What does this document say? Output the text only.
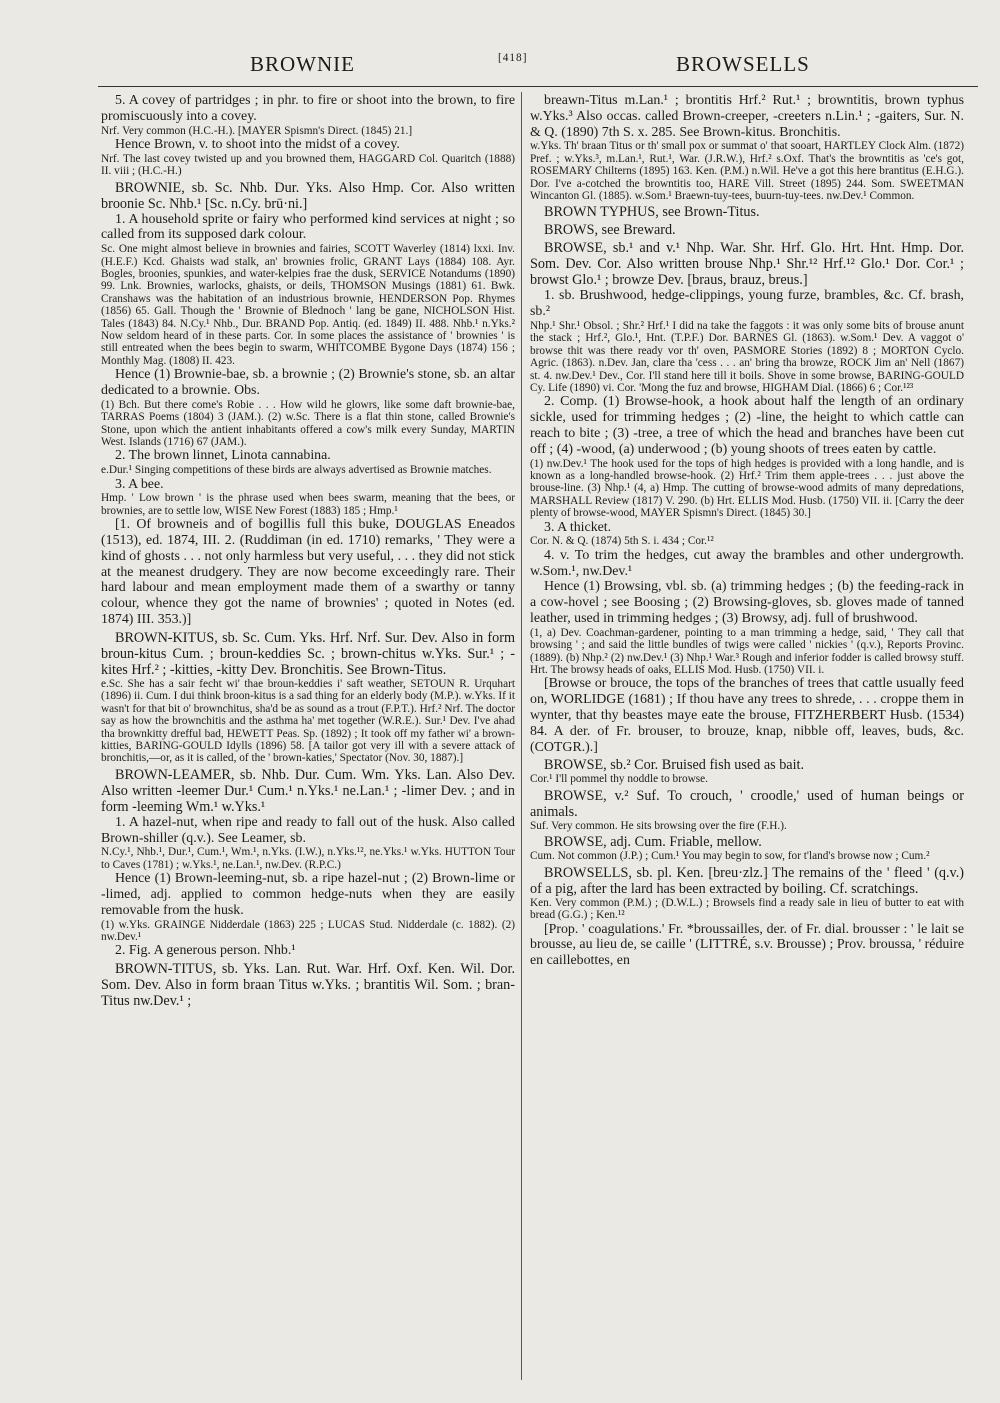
BROWNIE	[418]	BROWSELLS

5. A covey of partridges ; in phr. to fire or shoot into the brown, to fire promiscuously into a covey.

Nrf. Very common (H.C.-H.). [MAYER Spismn's Direct. (1845) 21.]

Hence Brown, v. to shoot into the midst of a covey.

Nrf. The last covey twisted up and you browned them, HAGGARD Col. Quaritch (1888) II. viii ; (H.C.-H.)

BROWNIE, sb. Sc. Nhb. Dur. Yks. Also Hmp. Cor. Also written broonie Sc. Nhb.¹ [Sc. n.Cy. brū·ni.]

1. A household sprite or fairy who performed kind services at night ; so called from its supposed dark colour.

Sc. One might almost believe in brownies and fairies, SCOTT Waverley (1814) lxxi. Inv. (H.E.F.) Kcd. Ghaists wad stalk, an' brownies frolic, GRANT Lays (1884) 108. Ayr. Bogles, broonies, spunkies, and water-kelpies frae the dusk, SERVICE Notandums (1890) 99. Lnk. Brownies, warlocks, ghaists, or deils, THOMSON Musings (1881) 61. Bwk. Cranshaws was the habitation of an industrious brownie, HENDERSON Pop. Rhymes (1856) 65. Gall. Though the ' Brownie of Blednoch ' lang be gane, NICHOLSON Hist. Tales (1843) 84. N.Cy.¹ Nhb., Dur. BRAND Pop. Antiq. (ed. 1849) II. 488. Nhb.¹ n.Yks.² Now seldom heard of in these parts. Cor. In some places the assistance of ' brownies ' is still entreated when the bees begin to swarm, WHITCOMBE Bygone Days (1874) 156 ; Monthly Mag. (1808) II. 423.

Hence (1) Brownie-bae, sb. a brownie ; (2) Brownie's stone, sb. an altar dedicated to a brownie. Obs.

(1) Bch. But there come's Robie . . . How wild he glowrs, like some daft brownie-bae, TARRAS Poems (1804) 3 (JAM.). (2) w.Sc. There is a flat thin stone, called Brownie's Stone, upon which the antient inhabitants offered a cow's milk every Sunday, MARTIN West. Islands (1716) 67 (JAM.).

2. The brown linnet, Linota cannabina.

e.Dur.¹ Singing competitions of these birds are always advertised as Brownie matches.

3. A bee.

Hmp. ' Low brown ' is the phrase used when bees swarm, meaning that the bees, or brownies, are to settle low, WISE New Forest (1883) 185 ; Hmp.¹

[1. Of browneis and of bogillis full this buke, DOUGLAS Eneados (1513), ed. 1874, III. 2. (Ruddiman (in ed. 1710) remarks, ' They were a kind of ghosts . . . not only harmless but very useful, . . . they did not stick at the meanest drudgery. They are now become exceedingly rare. Their hard labour and mean employment made them of a swarthy or tanny colour, whence they got the name of brownies' ; quoted in Notes (ed. 1874) III. 353.)]

BROWN-KITUS, sb. Sc. Cum. Yks. Hrf. Nrf. Sur. Dev. Also in form broun-kitus Cum. ; broun-keddies Sc. ; brown-chitus w.Yks. Sur.¹ ; -kites Hrf.² ; -kitties, -kitty Dev. Bronchitis. See Brown-Titus.

e.Sc. She has a sair fecht wi' thae broun-keddies i' saft weather, SETOUN R. Urquhart (1896) ii. Cum. I dui think broon-kitus is a sad thing for an elderly body (M.P.). w.Yks. If it wasn't for that bit o' brownchitus, sha'd be as sound as a trout (F.P.T.). Hrf.² Nrf. The doctor say as how the brownchitis and the asthma ha' met together (W.R.E.). Sur.¹ Dev. I've ahad tha brownkitty drefful bad, HEWETT Peas. Sp. (1892) ; It took off my father wi' a brown-kitties, BARING-GOULD Idylls (1896) 58. [A tailor got very ill with a severe attack of bronchitis,—or, as it is called, of the ' brown-katies,' Spectator (Nov. 30, 1887).]

BROWN-LEAMER, sb. Nhb. Dur. Cum. Wm. Yks. Lan. Also Dev. Also written -leemer Dur.¹ Cum.¹ n.Yks.¹ ne.Lan.¹ ; -limer Dev. ; and in form -leeming Wm.¹ w.Yks.¹

1. A hazel-nut, when ripe and ready to fall out of the husk. Also called Brown-shiller (q.v.). See Leamer, sb.

N.Cy.¹, Nhb.¹, Dur.¹, Cum.¹, Wm.¹, n.Yks. (I.W.), n.Yks.¹², ne.Yks.¹ w.Yks. HUTTON Tour to Caves (1781) ; w.Yks.¹, ne.Lan.¹, nw.Dev. (R.P.C.)

Hence (1) Brown-leeming-nut, sb. a ripe hazel-nut ; (2) Brown-lime or -limed, adj. applied to common hedge-nuts when they are easily removable from the husk.

(1) w.Yks. GRAINGE Nidderdale (1863) 225 ; LUCAS Stud. Nidderdale (c. 1882). (2) nw.Dev.¹

2. Fig. A generous person. Nhb.¹

BROWN-TITUS, sb. Yks. Lan. Rut. War. Hrf. Oxf. Ken. Wil. Dor. Som. Dev. Also in form braan Titus w.Yks. ; brantitis Wil. Som. ; bran-Titus nw.Dev.¹ ;

breawn-Titus m.Lan.¹ ; brontitis Hrf.² Rut.¹ ; browntitis, brown typhus w.Yks.³ Also occas. called Brown-creeper, -creeters n.Lin.¹ ; -gaiters, Sur. N. & Q. (1890) 7th S. x. 285. See Brown-kitus. Bronchitis.

w.Yks. Th' braan Titus or th' small pox or summat o' that sooart, HARTLEY Clock Alm. (1872) Pref. ; w.Yks.³, m.Lan.¹, Rut.¹, War. (J.R.W.), Hrf.² s.Oxf. That's the browntitis as 'ce's got, ROSEMARY Chilterns (1895) 163. Ken. (P.M.) n.Wil. He've a got this here brantitus (E.H.G.). Dor. I've a-cotched the browntitis too, HARE Vill. Street (1895) 244. Som. SWEETMAN Wincanton Gl. (1885). w.Som.¹ Braewn-tuy-tees, buurn-tuy-tees. nw.Dev.¹ Common.

BROWN TYPHUS, see Brown-Titus.

BROWS, see Breward.

BROWSE, sb.¹ and v.¹ Nhp. War. Shr. Hrf. Glo. Hrt. Hnt. Hmp. Dor. Som. Dev. Cor. Also written brouse Nhp.¹ Shr.¹² Hrf.¹² Glo.¹ Dor. Cor.¹ ; browst Glo.¹ ; browze Dev. [braus, brauz, breus.]

1. sb. Brushwood, hedge-clippings, young furze, brambles, &c. Cf. brash, sb.²

Nhp.¹ Shr.¹ Obsol. ; Shr.² Hrf.¹ I did na take the faggots : it was only some bits of brouse anunt the stack ; Hrf.², Glo.¹, Hnt. (T.P.F.) Dor. BARNES Gl. (1863). w.Som.¹ Dev. A vaggot o' browse thit was there ready vor th' oven, PASMORE Stories (1892) 8 ; MORTON Cyclo. Agric. (1863). n.Dev. Jan, clare tha 'cess . . . an' bring tha browze, ROCK Jim an' Nell (1867) st. 4. nw.Dev.¹ Dev., Cor. I'll stand here till it boils. Shove in some browse, BARING-GOULD Cy. Life (1890) vi. Cor. 'Mong the fuz and browse, HIGHAM Dial. (1866) 6 ; Cor.¹²³

2. Comp. (1) Browse-hook, a hook about half the length of an ordinary sickle, used for trimming hedges ; (2) -line, the height to which cattle can reach to bite ; (3) -tree, a tree of which the head and branches have been cut off ; (4) -wood, (a) underwood ; (b) young shoots of trees eaten by cattle.

(1) nw.Dev.¹ The hook used for the tops of high hedges is provided with a long handle, and is known as a long-handled browse-hook. (2) Hrf.² Trim them apple-trees . . . just above the brouse-line. (3) Nhp.¹ (4, a) Hmp. The cutting of browse-wood admits of many depredations, MARSHALL Review (1817) V. 290. (b) Hrt. ELLIS Mod. Husb. (1750) VII. ii. [Carry the deer plenty of browse-wood, MAYER Spismn's Direct. (1845) 30.]

3. A thicket.

Cor. N. & Q. (1874) 5th S. i. 434 ; Cor.¹²

4. v. To trim the hedges, cut away the brambles and other undergrowth. w.Som.¹, nw.Dev.¹

Hence (1) Browsing, vbl. sb. (a) trimming hedges ; (b) the feeding-rack in a cow-hovel ; see Boosing ; (2) Browsing-gloves, sb. gloves made of tanned leather, used in trimming hedges ; (3) Browsy, adj. full of brushwood.

(1, a) Dev. Coachman-gardener, pointing to a man trimming a hedge, said, ' They call that browsing ' ; and said the little bundles of twigs were called ' nickies ' (q.v.), Reports Provinc. (1889). (b) Nhp.² (2) nw.Dev.¹ (3) Nhp.¹ War.³ Rough and inferior fodder is called browsy stuff. Hrt. The browsy heads of oaks, ELLIS Mod. Husb. (1750) VII. i.

[Browse or brouce, the tops of the branches of trees that cattle usually feed on, WORLIDGE (1681) ; If thou have any trees to shrede, . . . croppe them in wynter, that thy beastes maye eate the brouse, FITZHERBERT Husb. (1534) 84. A der. of Fr. brouser, to brouze, knap, nibble off, leaves, buds, &c. (COTGR.).]

BROWSE, sb.² Cor. Bruised fish used as bait.

Cor.¹ I'll pommel thy noddle to browse.

BROWSE, v.² Suf. To crouch, ' croodle,' used of human beings or animals.

Suf. Very common. He sits browsing over the fire (F.H.).

BROWSE, adj. Cum. Friable, mellow.

Cum. Not common (J.P.) ; Cum.¹ You may begin to sow, for t'land's browse now ; Cum.²

BROWSELLS, sb. pl. Ken. [breu·zlz.] The remains of the ' fleed ' (q.v.) of a pig, after the lard has been extracted by boiling. Cf. scratchings.

Ken. Very common (P.M.) ; (D.W.L.) ; Browsels find a ready sale in lieu of butter to eat with bread (G.G.) ; Ken.¹²

[Prop. ' coagulations.' Fr. *broussailles, der. of Fr. dial. brousser : ' le lait se brousse, au lieu de, se caille ' (LITTRÉ, s.v. Brousse) ; Prov. broussa, ' réduire en caillebottes, en
